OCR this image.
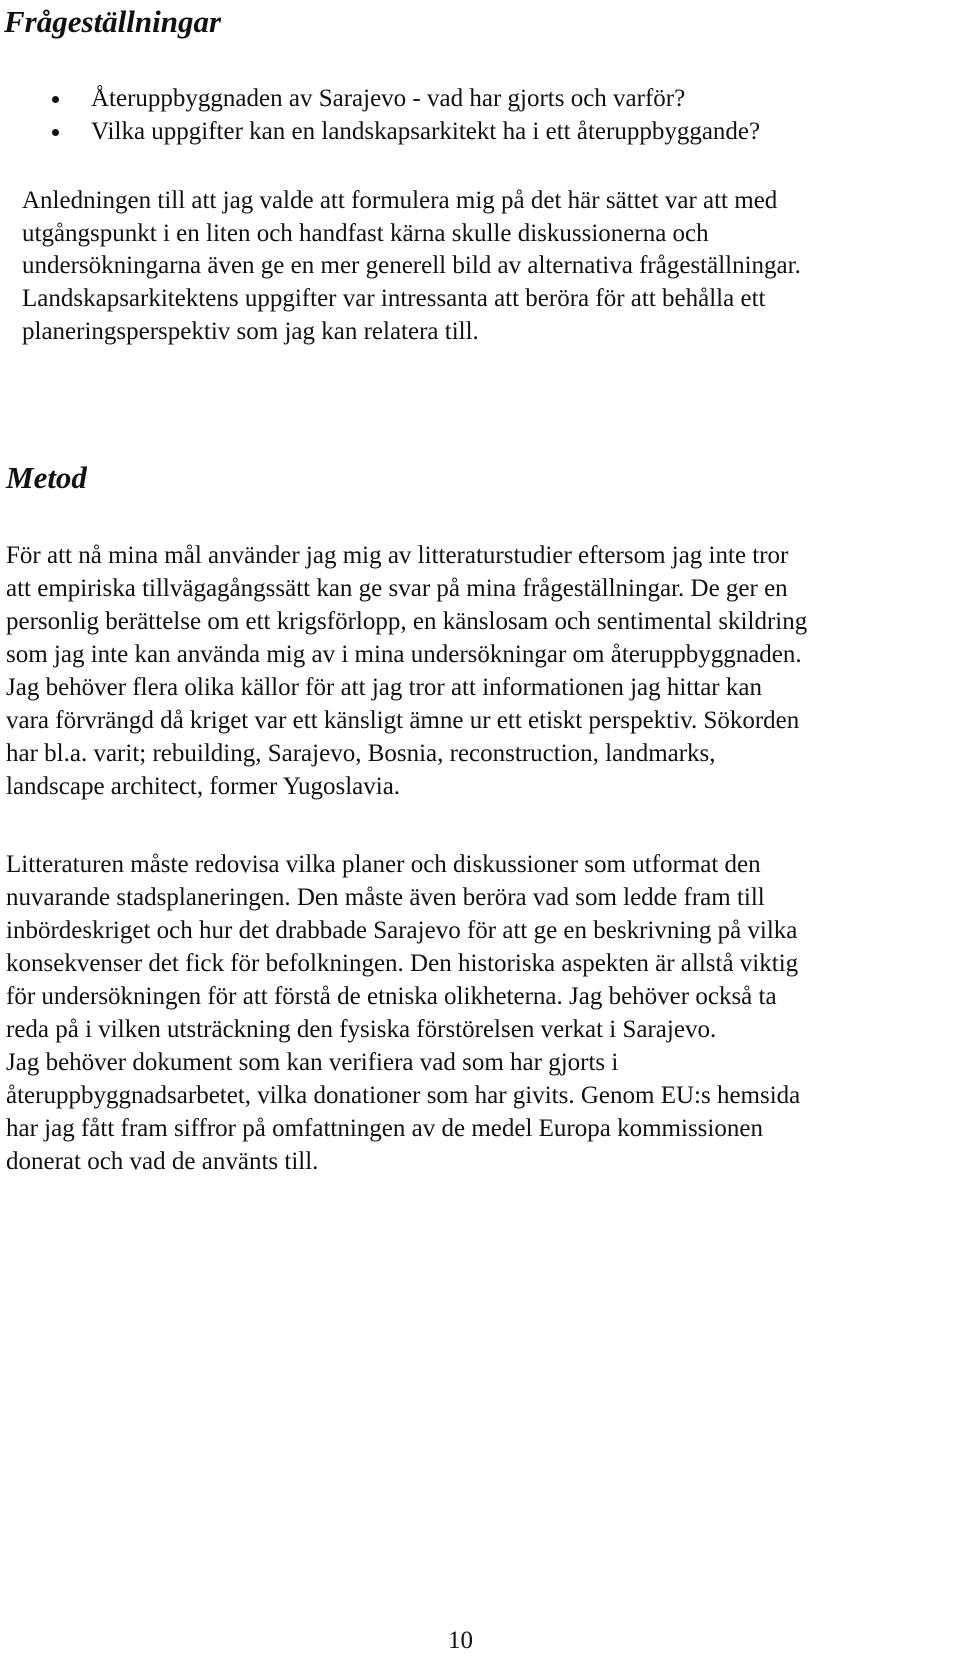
Frågeställningar
Återuppbyggnaden av Sarajevo - vad har gjorts och varför?
Vilka uppgifter kan en landskapsarkitekt ha i ett återuppbyggande?

Anledningen till att jag valde att formulera mig på det här sättet var att med
utgångspunkt i en liten och handfast kärna skulle diskussionerna och
undersökningarna även ge en mer generell bild av alternativa frågeställningar.
Landskapsarkitektens uppgifter var intressanta att beröra för att behålla ett
planeringsperspektiv som jag kan relatera till.

Metod

För att nå mina mål använder jag mig av litteraturstudier eftersom jag inte tror
att empiriska tillvägagångssätt kan ge svar på mina frågeställningar. De ger en
personlig berättelse om ett krigsförlopp, en känslosam och sentimental skildring
som jag inte kan använda mig av i mina undersökningar om återuppbyggnaden.
Jag behöver flera olika källor för att jag tror att informationen jag hittar kan
vara förvrängd då kriget var ett känsligt ämne ur ett etiskt perspektiv. Sökorden
har bl.a. varit; rebuilding, Sarajevo, Bosnia, reconstruction, landmarks,
landscape architect, former Yugoslavia.

Litteraturen måste redovisa vilka planer och diskussioner som utformat den
nuvarande stadsplaneringen. Den måste även beröra vad som ledde fram till
inbördeskriget och hur det drabbade Sarajevo för att ge en beskrivning på vilka
konsekvenser det fick för befolkningen. Den historiska aspekten är allstå viktig
för undersökningen för att förstå de etniska olikheterna. Jag behöver också ta
reda på i vilken utsträckning den fysiska förstörelsen verkat i Sarajevo.
Jag behöver dokument som kan verifiera vad som har gjorts i
återuppbyggnadsarbetet, vilka donationer som har givits. Genom EU:s hemsida
har jag fått fram siffror på omfattningen av de medel Europa kommissionen
donerat och vad de använts till.

10
